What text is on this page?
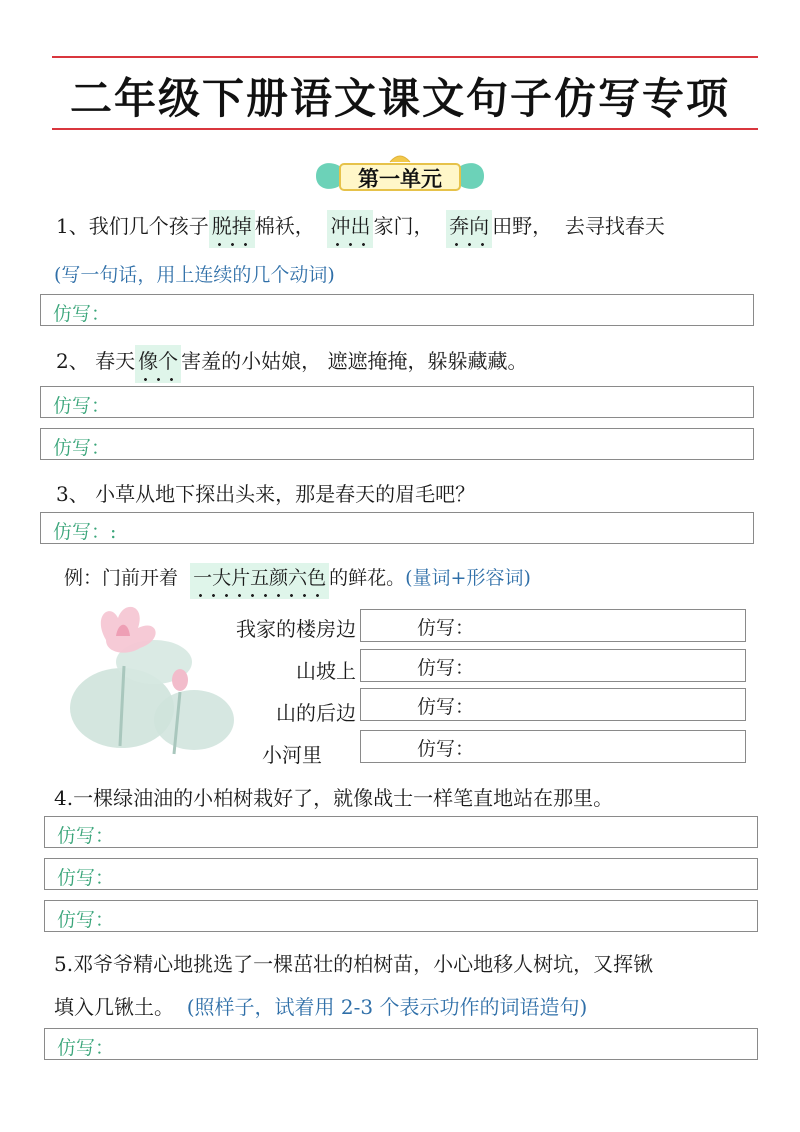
二年级下册语文课文句子仿写专项
第一单元
1、我们几个孩子 脱掉 棉袄， 冲出 家门， 奔向 田野， 去寻找春天
(写一句话，用上连续的几个动词)
仿写：
2、 春天 像个 害羞的小姑娘， 遮遮掩掩，躲躲藏藏。
仿写：
仿写：
3、 小草从地下探出头来，那是春天的眉毛吧？
仿写：:
例：门前开着 一大片五颜六色 的鲜花。(量词+形容词)
我家的楼房边	仿写：
山坡上	仿写：
山的后边	仿写：
小河里	仿写：
4.一棵绿油油的小柏树栽好了，就像战士一样笔直地站在那里。
仿写：
仿写：
仿写：
5.邓爷爷精心地挑选了一棵茁壮的柏树苗，小心地移人树坑，又挥锹
填入几锹土。 (照样子，试着用 2-3 个表示功作的词语造句)
仿写：
